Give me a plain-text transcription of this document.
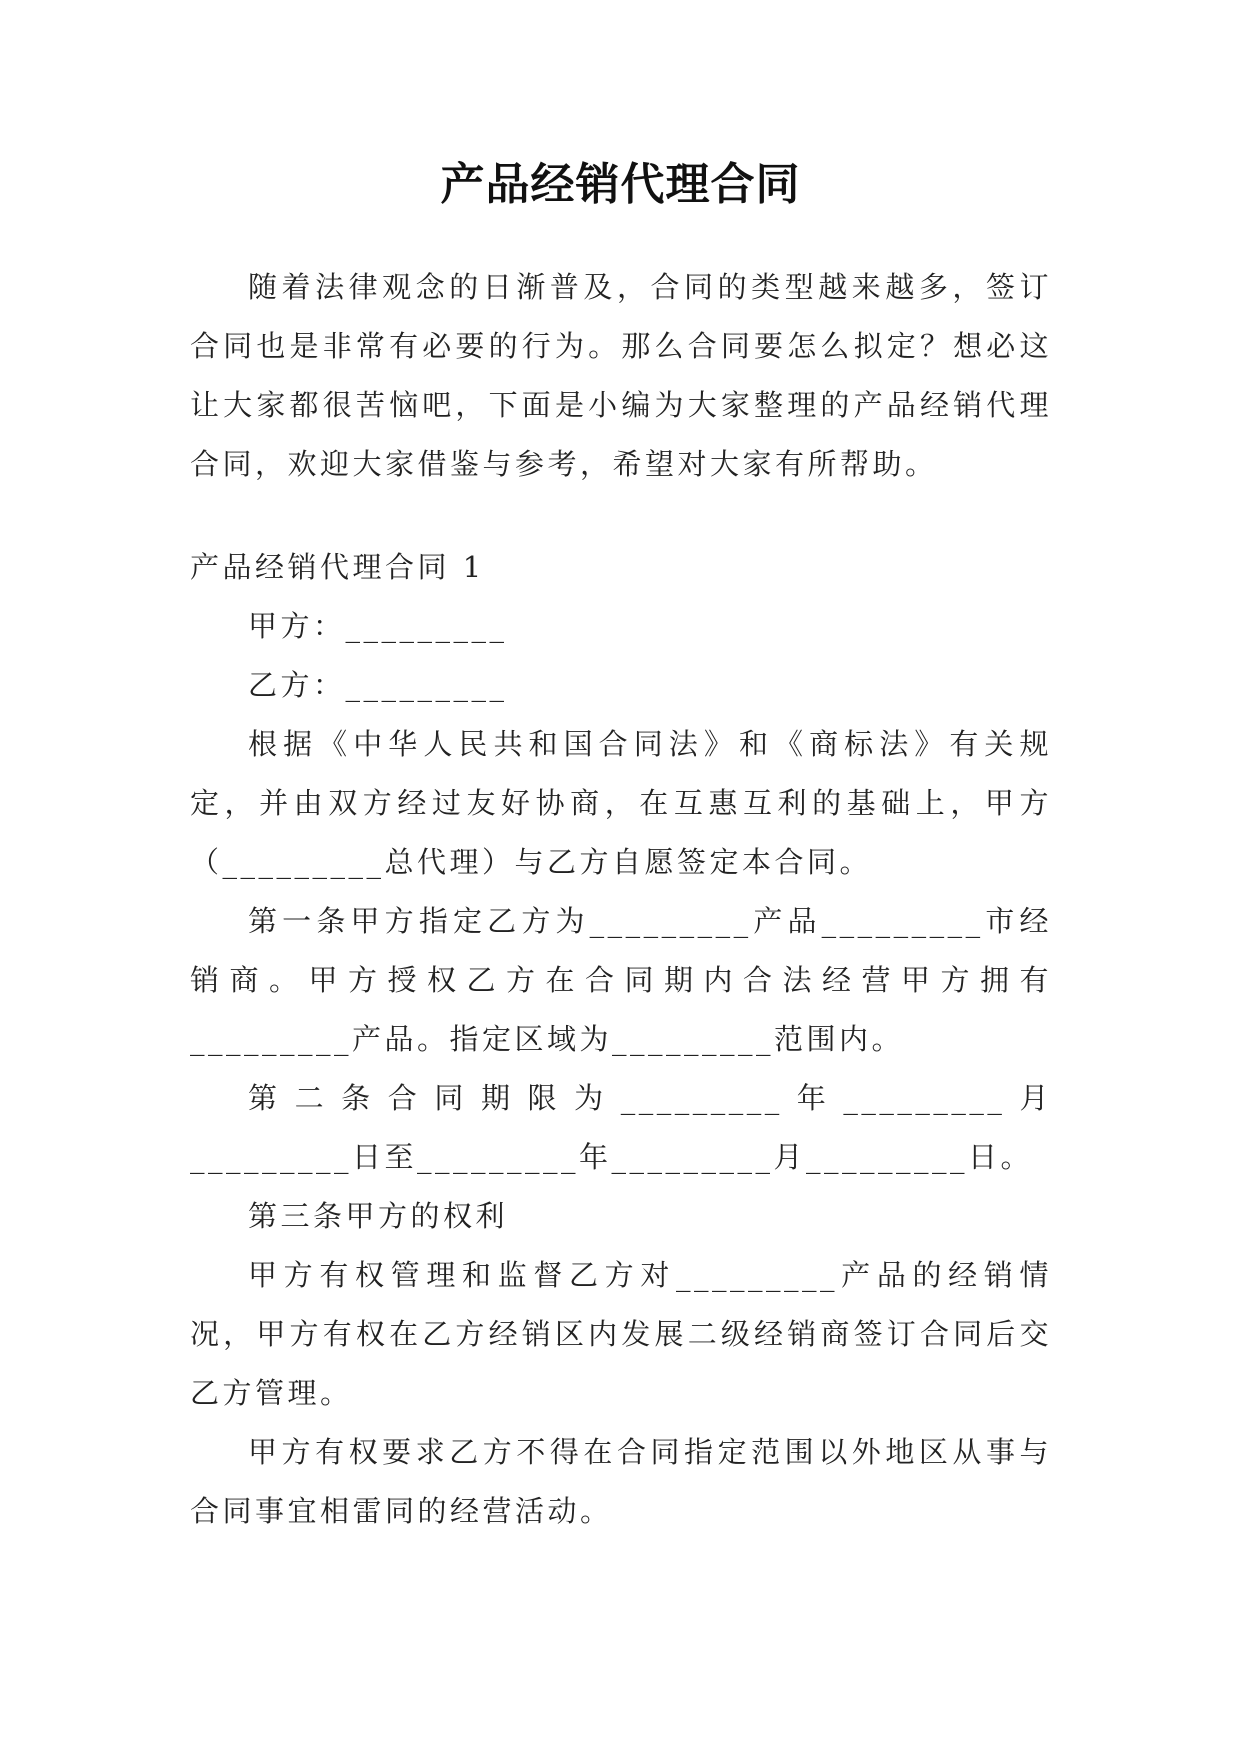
产品经销代理合同

随着法律观念的日渐普及，合同的类型越来越多，签订合同也是非常有必要的行为。那么合同要怎么拟定？想必这让大家都很苦恼吧，下面是小编为大家整理的产品经销代理合同，欢迎大家借鉴与参考，希望对大家有所帮助。

产品经销代理合同 1

甲方：_________

乙方：_________

根据《中华人民共和国合同法》和《商标法》有关规定，并由双方经过友好协商，在互惠互利的基础上，甲方（_________总代理）与乙方自愿签定本合同。

第一条甲方指定乙方为_________产品_________市经销商。甲方授权乙方在合同期内合法经营甲方拥有_________产品。指定区域为_________范围内。

第二条合同期限为_________年_________月_________日至_________年_________月_________日。

第三条甲方的权利

甲方有权管理和监督乙方对_________产品的经销情况，甲方有权在乙方经销区内发展二级经销商签订合同后交乙方管理。

甲方有权要求乙方不得在合同指定范围以外地区从事与合同事宜相雷同的经营活动。
